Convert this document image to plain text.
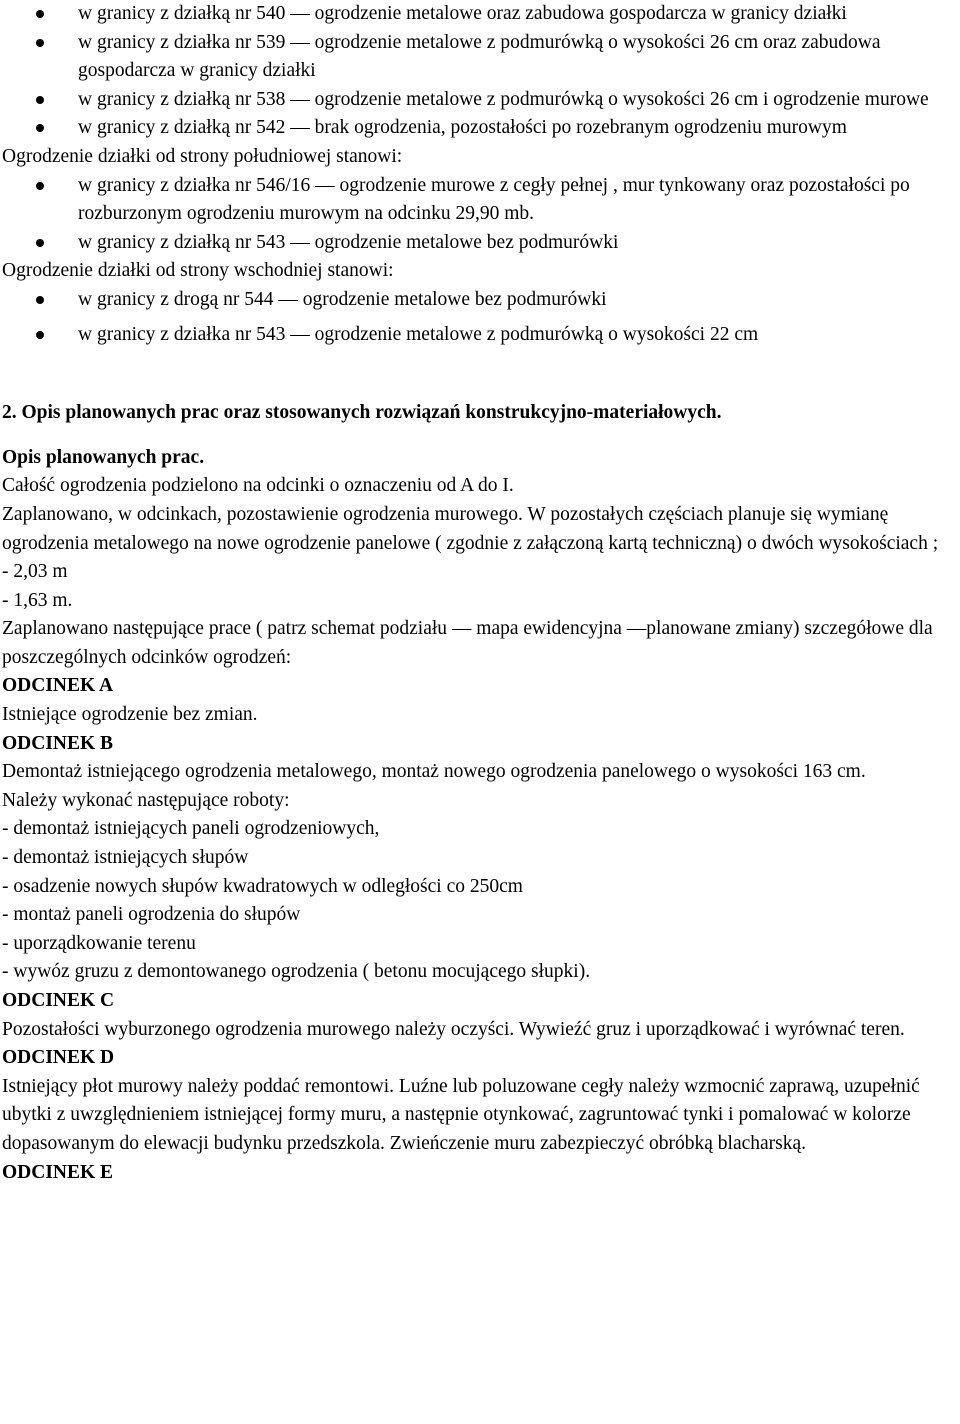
w granicy z działką nr 540 — ogrodzenie metalowe oraz zabudowa gospodarcza w granicy działki
w granicy z działka nr 539 — ogrodzenie metalowe z podmurówką o wysokości 26 cm oraz zabudowa gospodarcza w granicy działki
w granicy z działką nr 538 — ogrodzenie metalowe z podmurówką o wysokości 26 cm i ogrodzenie murowe
w granicy z działką nr 542 — brak ogrodzenia, pozostałości po rozebranym ogrodzeniu murowym
Ogrodzenie działki od strony południowej stanowi:
w granicy z działka nr 546/16 — ogrodzenie murowe z cegły pełnej , mur tynkowany oraz pozostałości po rozburzonym ogrodzeniu murowym na odcinku 29,90 mb.
w granicy z działką nr 543 — ogrodzenie metalowe bez podmurówki
Ogrodzenie działki od strony wschodniej stanowi:
w granicy z drogą nr 544 — ogrodzenie metalowe bez podmurówki
w granicy z działka nr 543 — ogrodzenie metalowe z podmurówką o wysokości 22 cm
2. Opis planowanych prac oraz stosowanych rozwiązań konstrukcyjno-materiałowych.
Opis planowanych prac.
Całość ogrodzenia podzielono na odcinki o oznaczeniu od A do I.
Zaplanowano, w odcinkach, pozostawienie ogrodzenia murowego. W pozostałych częściach planuje się wymianę ogrodzenia metalowego na nowe ogrodzenie panelowe ( zgodnie z załączoną kartą techniczną) o dwóch wysokościach ;
- 2,03 m
- 1,63 m.
Zaplanowano następujące prace ( patrz schemat podziału — mapa ewidencyjna —planowane zmiany) szczegółowe dla poszczególnych odcinków ogrodzeń:
ODCINEK A
Istniejące ogrodzenie bez zmian.
ODCINEK B
Demontaż istniejącego ogrodzenia metalowego, montaż nowego ogrodzenia panelowego o wysokości 163 cm.
Należy wykonać następujące roboty:
- demontaż istniejących paneli ogrodzeniowych,
- demontaż istniejących słupów
- osadzenie nowych słupów kwadratowych w odległości co 250cm
- montaż paneli ogrodzenia do słupów
- uporządkowanie terenu
- wywóz gruzu z demontowanego ogrodzenia ( betonu mocującego słupki).
ODCINEK C
Pozostałości wyburzonego ogrodzenia murowego należy oczyści. Wywieźć gruz i uporządkować i wyrównać teren.
ODCINEK D
Istniejący płot murowy należy poddać remontowi. Luźne lub poluzowane cegły należy wzmocnić zaprawą, uzupełnić ubytki z uwzględnieniem istniejącej formy muru, a następnie otynkować, zagruntować tynki i pomalować w kolorze dopasowanym do elewacji budynku przedszkola. Zwieńczenie muru zabezpieczyć obróbką blacharską.
ODCINEK E
